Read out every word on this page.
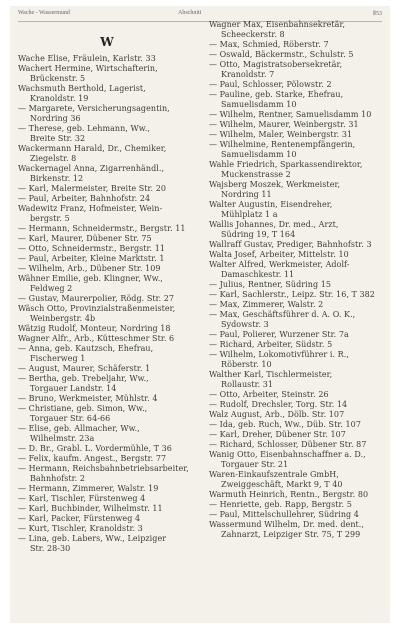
Wache - Wassermund	Abschnitt	Ⅱ53
W
Wache Elise, Fräulein, Karlstr. 33
Wachert Hermine, Wirtschafterin,
Brückenstr. 5
Wachsmuth Berthold, Lagerist,
Kranoldstr. 19
— Margarete, Versicherungsagentin,
Nordring 36
— Therese, geb. Lehmann, Ww.,
Breite Str. 32
Wackermann Harald, Dr., Chemiker,
Ziegelstr. 8
Wackernagel Anna, Zigarrenhändl.,
Birkenstr. 12
— Karl, Malermeister, Breite Str. 20
— Paul, Arbeiter, Bahnhofstr. 24
Wadewitz Franz, Hofmeister, Wein-
bergstr. 5
— Hermann, Schneidermstr., Bergstr. 11
— Karl, Maurer, Dübener Str. 75
— Otto, Schneidermstr., Bergstr. 11
— Paul, Arbeiter, Kleine Marktstr. 1
— Wilhelm, Arb., Dübener Str. 109
Wähner Emilie, geb. Klingner, Ww.,
Feldweg 2
— Gustav, Maurerpolier, Rödg. Str. 27
Wäsch Otto, Provinzialstraßenmeister,
Weinbergstr. 4b
Wätzig Rudolf, Monteur, Nordring 18
Wagner Alfr., Arb., Kütteschmer Str. 6
— Anna, geb. Kautzsch, Ehefrau,
Fischerweg 1
— August, Maurer, Schäferstr. 1
— Bertha, geb. Trebeljahr, Ww.,
Torgauer Landstr. 14
— Bruno, Werkmeister, Mühlstr. 4
— Christiane, geb. Simon, Ww.,
Torgauer Str. 64-66
— Elise, geb. Allmacher, Ww.,
Wilhelmstr. 23a
— D. Br., Grabl. L. Vordermühle, T 36
— Felix, kaufm. Angest., Bergstr. 77
— Hermann, Reichsbahnbetriebsarbeiter,
Bahnhofstr. 2
— Hermann, Zimmerer, Walstr. 19
— Karl, Tischler, Fürstenweg 4
— Karl, Buchbinder, Wilhelmstr. 11
— Karl, Packer, Fürstenweg 4
— Kurt, Tischler, Kranoldstr. 3
— Lina, geb. Labers, Ww., Leipziger
Str. 28-30
Wagner Max, Eisenbahnsekretär,
Scheeckerstr. 8
— Max, Schmied, Röberstr. 7
— Oswald, Bäckermstr., Schulstr. 5
— Otto, Magistratsobersekretär,
Kranoldstr. 7
— Paul, Schlosser, Pölowstr. 2
— Pauline, geb. Starke, Ehefrau,
Samuelisdamm 10
— Wilhelm, Rentner, Samuelisdamm 10
— Wilhelm, Maurer, Weinbergstr. 31
— Wilhelm, Maler, Weinbergstr. 31
— Wilhelmine, Rentenempfängerin,
Samuelisdamm 10
Wahle Friedrich, Sparkassendirektor,
Muckenstrasse 2
Wajsberg Moszek, Werkmeister,
Nordring 11
Walter Augustin, Eisendreher,
Mühlplatz 1 a
Wallis Johannes, Dr. med., Arzt,
Südring 19, T 164
Wallraff Gustav, Prediger, Bahnhofstr. 3
Walta Josef, Arbeiter, Mittelstr. 10
Walter Alfred, Werkmeister, Adolf-
Damaschkestr. 11
— Julius, Rentner, Südring 15
— Karl, Sachlerstr., Leipz. Str. 16, T 382
— Max, Zimmerer, Walstr. 2
— Max, Geschäftsführer d. A. O. K.,
Sydowstr. 3
— Paul, Polierer, Wurzener Str. 7a
— Richard, Arbeiter, Südstr. 5
— Wilhelm, Lokomotivführer i. R.,
Röberstr. 10
Walther Karl, Tischlermeister,
Rollaustr. 31
— Otto, Arbeiter, Steinstr. 26
— Rudolf, Drechsler, Torg. Str. 14
Walz August, Arb., Dölb. Str. 107
— Ida, geb. Ruch, Ww., Düb. Str. 107
— Karl, Dreher, Dübener Str. 107
— Richard, Schlosser, Dübener Str. 87
Wanig Otto, Eisenbahnschaffner a. D.,
Torgauer Str. 21
Waren-Einkaufszentrale GmbH,
Zweiggeschäft, Markt 9, T 40
Warmuth Heinrich, Rentn., Bergstr. 80
— Henriette, geb. Rapp, Bergstr. 5
— Paul, Mittelschullehrer, Südring 4
Wassermund Wilhelm, Dr. med. dent.,
Zahnarzt, Leipziger Str. 75, T 299
